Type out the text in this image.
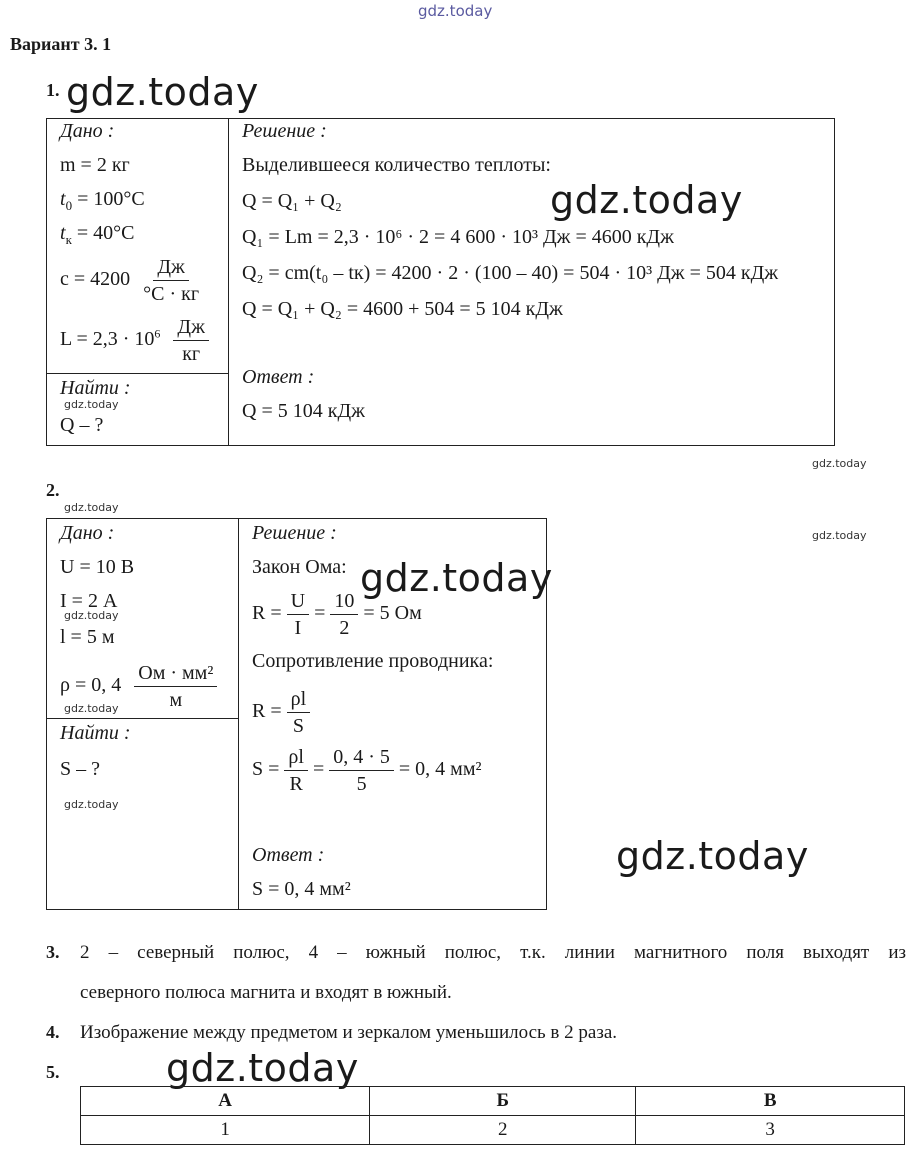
gdz.today
gdz.today
gdz.today
gdz.today
gdz.today
gdz.today
gdz.today
gdz.today
gdz.today
gdz.today
gdz.today
gdz.today
gdz.today
Вариант 3. 1
1.
Дано :
m = 2 кг
$t_0 = 100^\circ C$
$t_к = 40^\circ C$
$c = 4200 \frac{Дж}{^\circ C \cdot кг}$
$L = 2,3 \cdot 10^6 \frac{Дж}{кг}$
Найти :
Q – ?
Решение :
Выделившееся количество теплоты:
Q = Q₁ + Q₂
Q₁ = Lm = 2,3 · 10⁶ · 2 = 4 600 · 10³ Дж = 4600 кДж
Q₂ = cm(t₀ – tк) = 4200 · 2 · (100 – 40) = 504 · 10³ Дж = 504 кДж
Q = Q₁ + Q₂ = 4600 + 504 = 5 104 кДж
Ответ :
Q = 5 104 кДж
2.
Дано :
U = 10 В
I = 2 А
l = 5 м
ρ = 0, $4 \frac{\text{Ом · мм²}}{м}$
Найти :
S – ?
Решение :
Закон Ома:
$R = \frac{U}{I} = \frac{10}{2} = 5$ Ом
Сопротивление проводника:
$R = \frac{\rho l}{S}$
$S = \frac{\rho l}{R} = \frac{0, 4 \cdot 5}{5} = 0$, 4 мм²
Ответ :
S = 0, 4 мм²
3. 2 – северный полюс, 4 – южный полюс, т.к. линии магнитного поля выходят из
северного полюса магнита и входят в южный.
4. Изображение между предметом и зеркалом уменьшилось в 2 раза.
5.
А	Б	В
1	2	3
